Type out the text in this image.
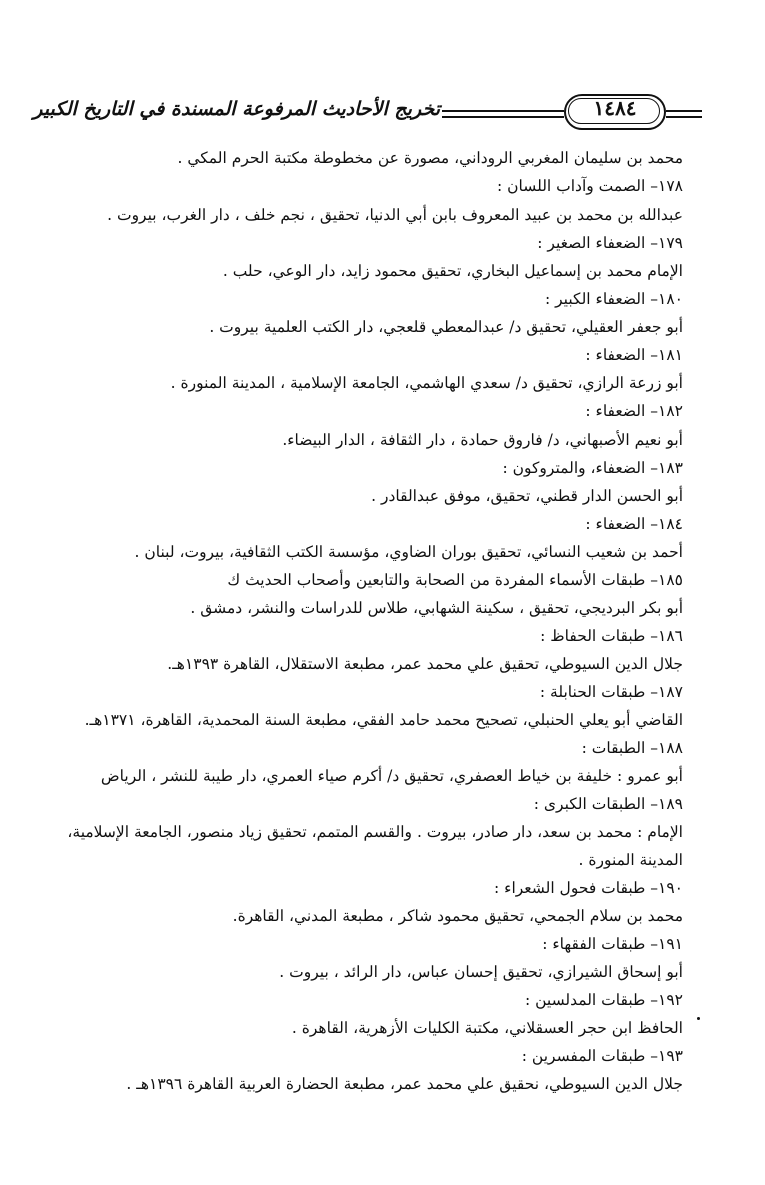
تخريج الأحاديث المرفوعة المسندة في التاريخ الكبير	١٤٨٤
محمد بن سليمان المغربي الروداني، مصورة عن مخطوطة مكتبة الحرم المكي .
١٧٨– الصمت وآداب اللسان :
عبدالله بن محمد بن عبيد المعروف بابن أبي الدنيا، تحقيق ، نجم خلف ، دار الغرب، بيروت .
١٧٩– الضعفاء الصغير :
الإمام محمد بن إسماعيل البخاري، تحقيق محمود زايد، دار الوعي، حلب .
١٨٠– الضعفاء الكبير :
أبو جعفر العقيلي، تحقيق د/ عبدالمعطي قلعجي، دار الكتب العلمية بيروت .
١٨١– الضعفاء :
أبو زرعة الرازي، تحقيق د/ سعدي الهاشمي، الجامعة الإسلامية ، المدينة المنورة .
١٨٢– الضعفاء :
أبو نعيم الأصبهاني، د/ فاروق حمادة ، دار الثقافة ، الدار البيضاء.
١٨٣– الضعفاء، والمتروكون :
أبو الحسن الدار قطني، تحقيق، موفق عبدالقادر .
١٨٤– الضعفاء :
أحمد بن شعيب النسائي، تحقيق بوران الضاوي، مؤسسة الكتب الثقافية، بيروت، لبنان .
١٨٥– طبقات الأسماء المفردة من الصحابة والتابعين وأصحاب الحديث ك
أبو بكر البرديجي، تحقيق ، سكينة الشهابي، طلاس للدراسات والنشر، دمشق .
١٨٦– طبقات الحفاظ :
جلال الدين السيوطي، تحقيق علي محمد عمر، مطبعة الاستقلال، القاهرة ١٣٩٣هـ.
١٨٧– طبقات الحنابلة :
القاضي أبو يعلي الحنبلي، تصحيح محمد حامد الفقي، مطبعة السنة المحمدية، القاهرة، ١٣٧١هـ.
١٨٨– الطبقات :
أبو عمرو : خليفة بن خياط العصفري، تحقيق د/ أكرم صياء العمري، دار طيبة للنشر ، الرياض
١٨٩– الطبقات الكبرى :
الإمام : محمد بن سعد، دار صادر، بيروت . والقسم المتمم، تحقيق زياد منصور، الجامعة الإسلامية،
المدينة المنورة .
١٩٠– طبقات فحول الشعراء :
محمد بن سلام الجمحي، تحقيق محمود شاكر ، مطبعة المدني، القاهرة.
١٩١– طبقات الفقهاء :
أبو إسحاق الشيرازي، تحقيق إحسان عباس، دار الرائد ، بيروت .
١٩٢– طبقات المدلسين :
الحافظ ابن حجر العسقلاني، مكتبة الكليات الأزهرية، القاهرة .
١٩٣– طبقات المفسرين :
جلال الدين السيوطي، نحقيق علي محمد عمر، مطبعة الحضارة العربية القاهرة ١٣٩٦هـ .
